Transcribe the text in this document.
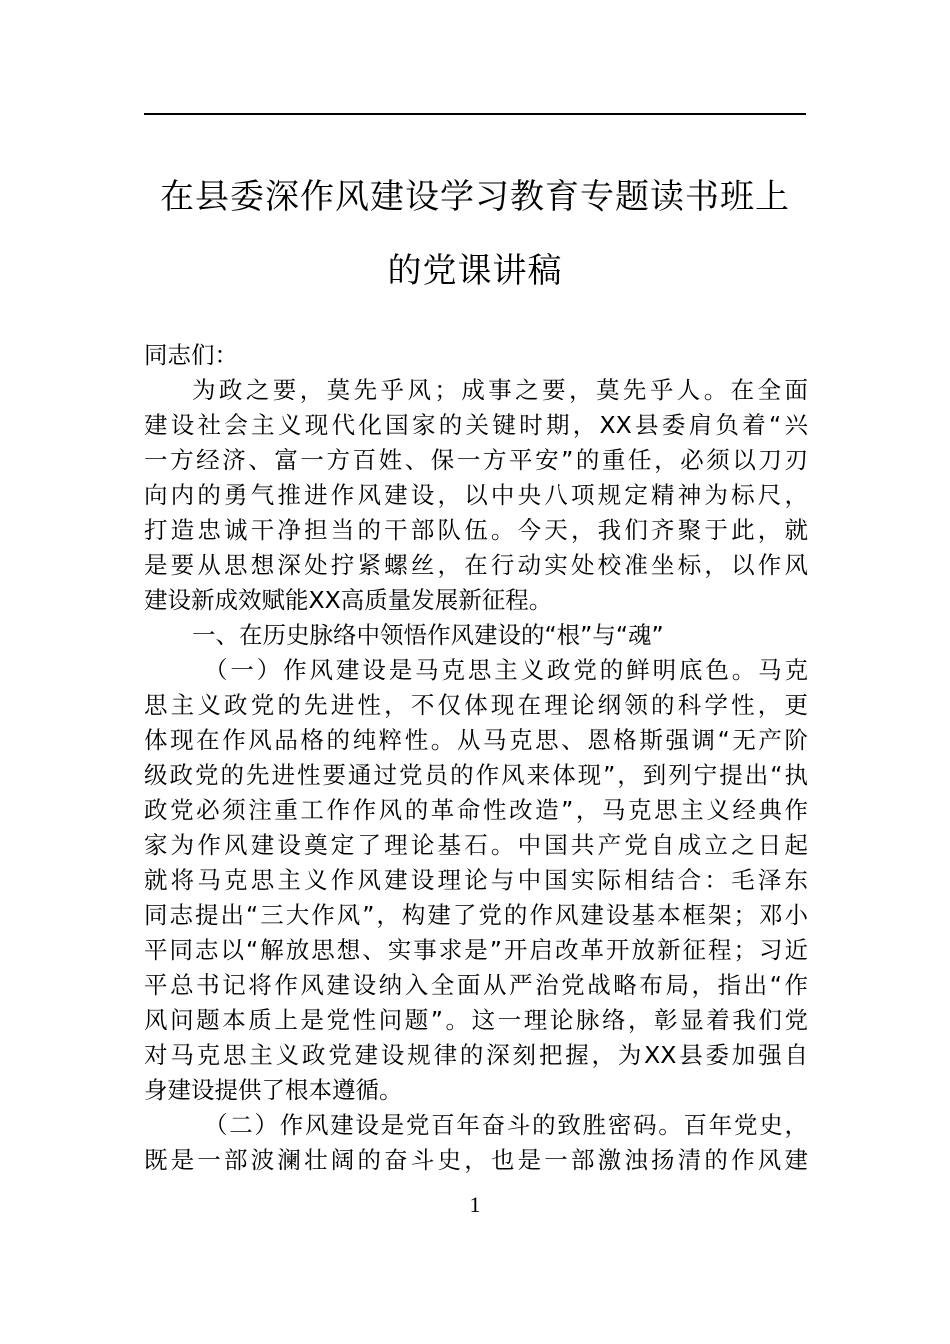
在县委深作风建设学习教育专题读书班上
的党课讲稿
同志们：
为政之要，莫先乎风；成事之要，莫先乎人。在全面
建设社会主义现代化国家的关键时期，XX县委肩负着“兴
一方经济、富一方百姓、保一方平安”的重任，必须以刀刃
向内的勇气推进作风建设，以中央八项规定精神为标尺，
打造忠诚干净担当的干部队伍。今天，我们齐聚于此，就
是要从思想深处拧紧螺丝，在行动实处校准坐标，以作风
建设新成效赋能XX高质量发展新征程。
一、在历史脉络中领悟作风建设的“根”与“魂”
（一）作风建设是马克思主义政党的鲜明底色。马克
思主义政党的先进性，不仅体现在理论纲领的科学性，更
体现在作风品格的纯粹性。从马克思、恩格斯强调“无产阶
级政党的先进性要通过党员的作风来体现”，到列宁提出“执
政党必须注重工作作风的革命性改造”，马克思主义经典作
家为作风建设奠定了理论基石。中国共产党自成立之日起
就将马克思主义作风建设理论与中国实际相结合：毛泽东
同志提出“三大作风”，构建了党的作风建设基本框架；邓小
平同志以“解放思想、实事求是”开启改革开放新征程；习近
平总书记将作风建设纳入全面从严治党战略布局，指出“作
风问题本质上是党性问题”。这一理论脉络，彰显着我们党
对马克思主义政党建设规律的深刻把握，为XX县委加强自
身建设提供了根本遵循。
（二）作风建设是党百年奋斗的致胜密码。百年党史，
既是一部波澜壮阔的奋斗史，也是一部激浊扬清的作风建
1
